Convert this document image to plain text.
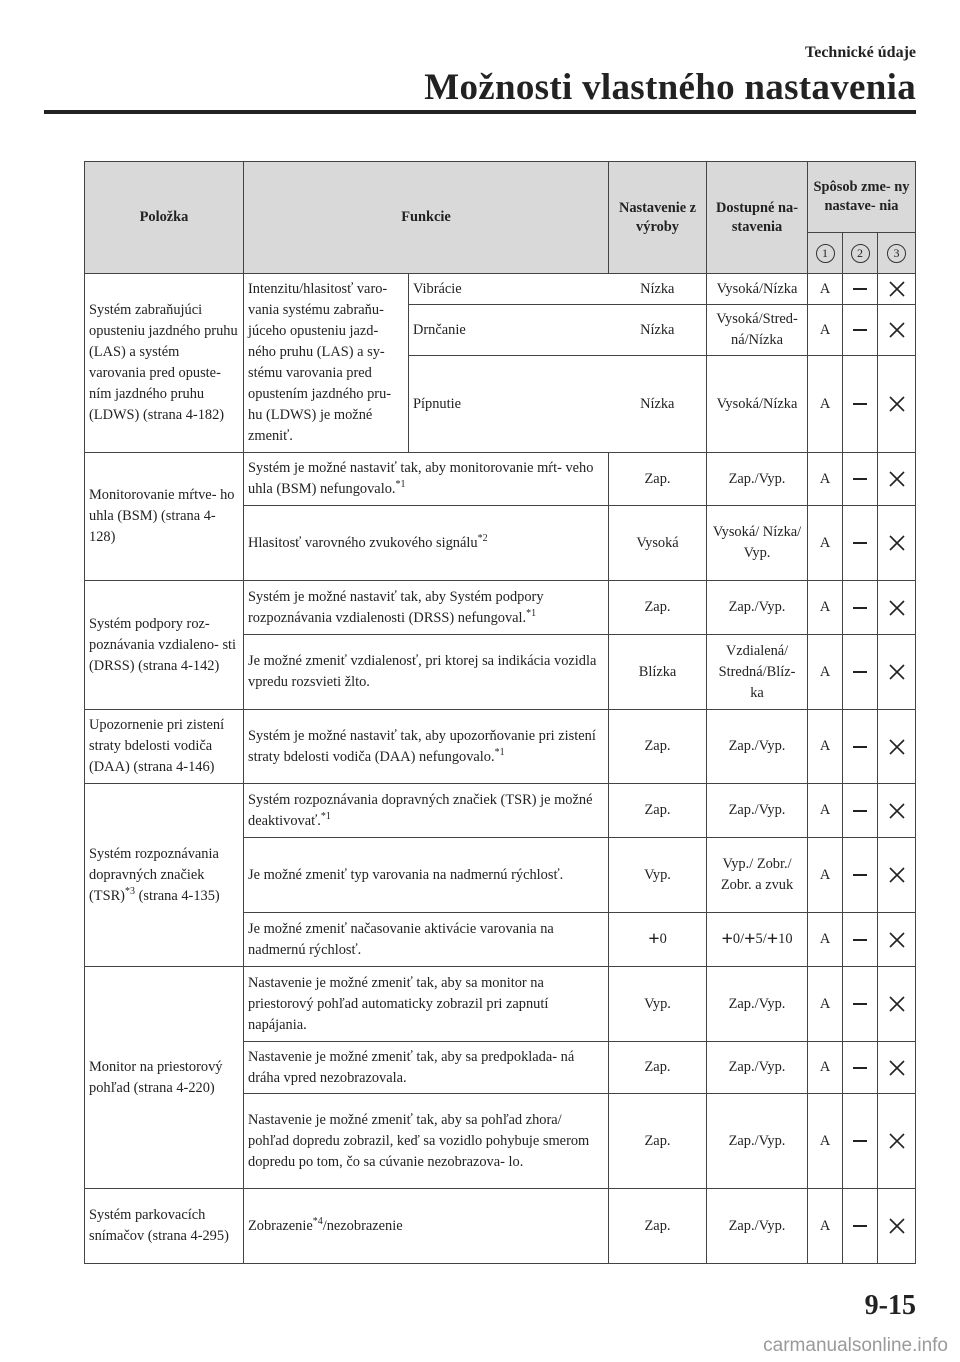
Technické údaje
Možnosti vlastného nastavenia
Položka	Funkcie		Nastavenie z výroby	Dostupné na- stavenia	Spôsob zme- ny nastave- nia		
					1	2	3
Systém zabraňujúci opusteniu jazdného pruhu (LAS) a systém varovania pred opuste- ním jazdného pruhu (LDWS) (strana 4-182)	Intenzitu/hlasitosť varo- vania systému zabraňu- júceho opusteniu jazd- ného pruhu (LAS) a sy- stému varovania pred opustením jazdného pru- hu (LDWS) je možné zmeniť.	Vibrácie	Nízka	Vysoká/Nízka	A		
		Drnčanie	Nízka	Vysoká/Stred- ná/Nízka	A		
		Pípnutie	Nízka	Vysoká/Nízka	A		
Monitorovanie mŕtve- ho uhla (BSM) (strana 4-128)	Systém je možné nastaviť tak, aby monitorovanie mŕt- veho uhla (BSM) nefungovalo.$^{*1}$		Zap.	Zap./Vyp.	A		
	Hlasitosť varovného zvukového signálu$^{*2}$		Vysoká	Vysoká/ Nízka/ Vyp.	A		
Systém podpory roz- poznávania vzdialeno- sti (DRSS) (strana 4-142)	Systém je možné nastaviť tak, aby Systém podpory rozpoznávania vzdialenosti (DRSS) nefungoval.$^{*1}$		Zap.	Zap./Vyp.	A		
	Je možné zmeniť vzdialenosť, pri ktorej sa indikácia vozidla vpredu rozsvieti žlto.		Blízka	Vzdialená/ Stredná/Blíz- ka	A		
Upozornenie pri zistení straty bdelosti vodiča (DAA) (strana 4-146)	Systém je možné nastaviť tak, aby upozorňovanie pri zistení straty bdelosti vodiča (DAA) nefungovalo.$^{*1}$		Zap.	Zap./Vyp.	A		
Systém rozpoznávania dopravných značiek (TSR)$^{*3}$ (strana 4-135)	Systém rozpoznávania dopravných značiek (TSR) je možné deaktivovať.$^{*1}$		Zap.	Zap./Vyp.	A		
	Je možné zmeniť typ varovania na nadmernú rýchlosť.		Vyp.	Vyp./ Zobr./ Zobr. a zvuk	A		
	Je možné zmeniť načasovanie aktivácie varovania na nadmernú rýchlosť.		+0	+0/+5/+10	A		
Monitor na priestorový pohľad (strana 4-220)	Nastavenie je možné zmeniť tak, aby sa monitor na priestorový pohľad automaticky zobrazil pri zapnutí napájania.		Vyp.	Zap./Vyp.	A		
	Nastavenie je možné zmeniť tak, aby sa predpoklada- ná dráha vpred nezobrazovala.		Zap.	Zap./Vyp.	A		
	Nastavenie je možné zmeniť tak, aby sa pohľad zhora/ pohľad dopredu zobrazil, keď sa vozidlo pohybuje smerom dopredu po tom, čo sa cúvanie nezobrazova- lo.		Zap.	Zap./Vyp.	A		
Systém parkovacích snímačov (strana 4-295)	Zobrazenie$^{*4}$/nezobrazenie		Zap.	Zap./Vyp.	A		
9-15
carmanualsonline.info
